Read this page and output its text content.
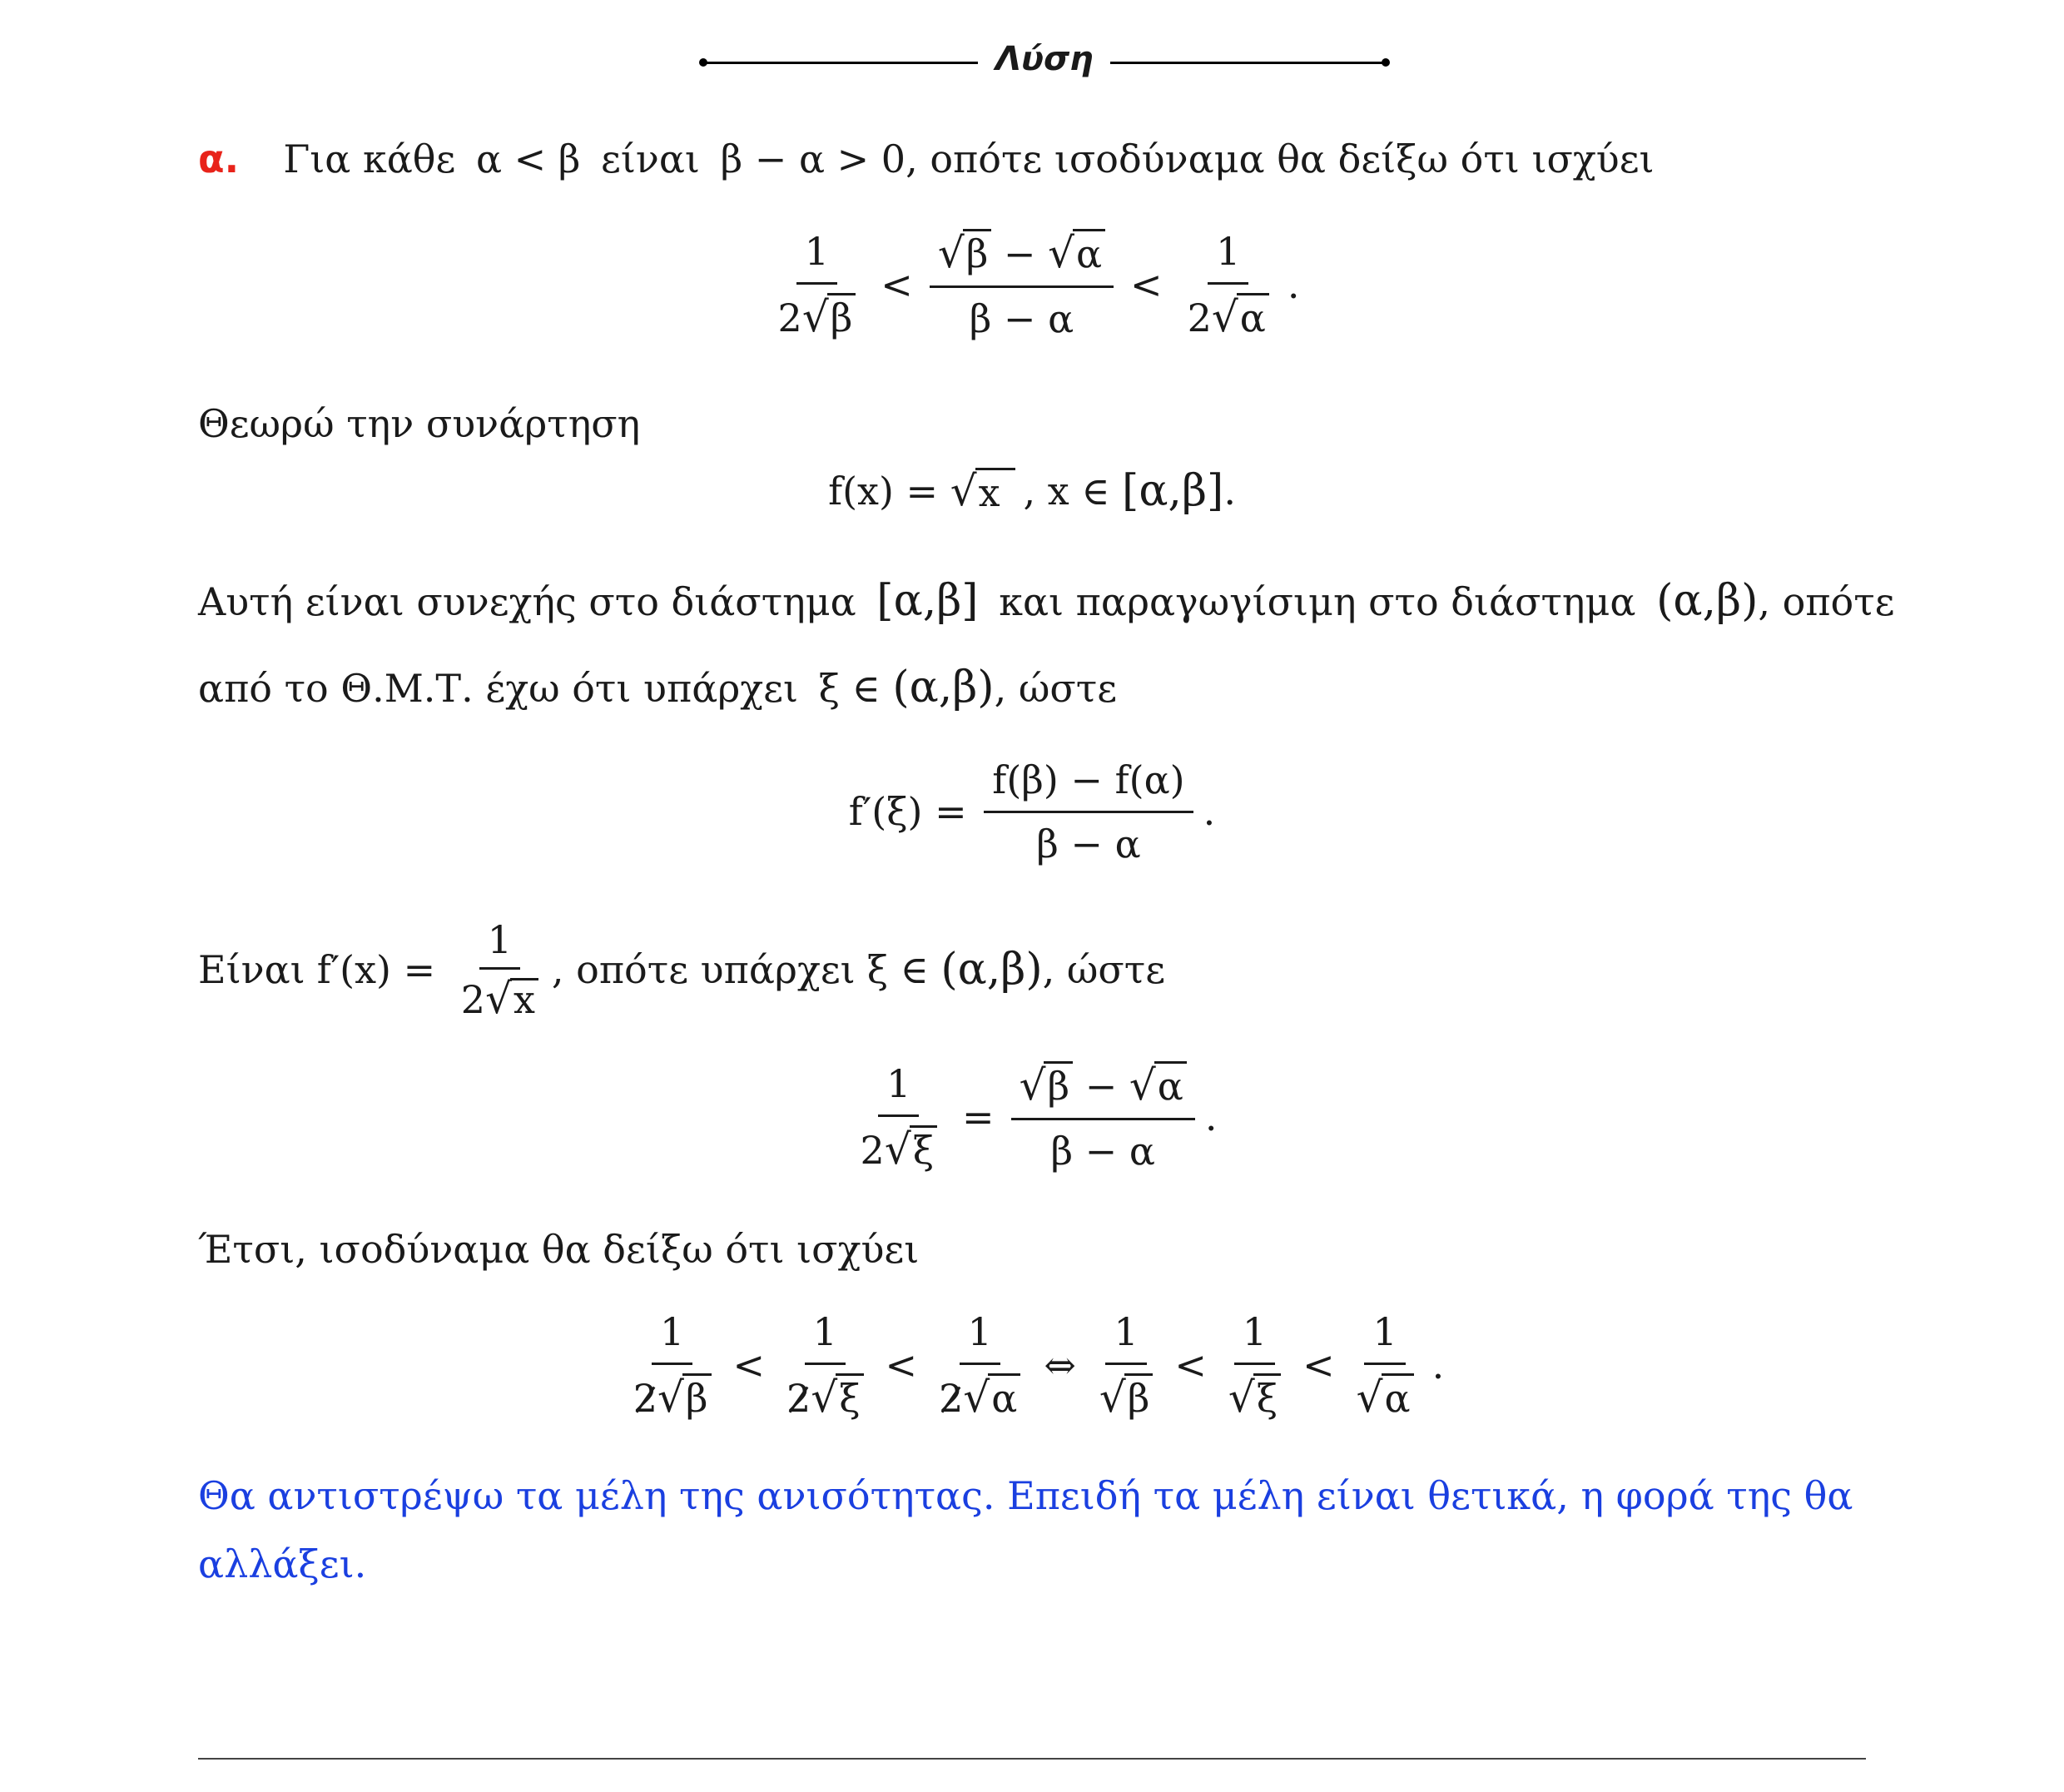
Λύση
α. Για κάθε α < β είναι β − α > 0, οπότε ισοδύναμα θα δείξω ότι ισχύει
$\frac{1}{2√\beta} < \frac{√\beta - √\alpha}{\beta - \alpha} < \frac{1}{2√\alpha}$ .
Θεωρώ την συνάρτηση
f(x) = √ x , x ∈ [α,β] .
Αυτή είναι συνεχής στο διάστημα [α,β] και παραγωγίσιμη στο διάστημα (α,β), οπότε
από το Θ.Μ.Τ. έχω ότι υπάρχει ξ ∈ (α,β), ώστε
$f'(\xi) = \frac{f(\beta) - f(\alpha)}{\beta - \alpha}$ .
Είναι $f'(x) = \frac{1}{2√x}$ , οπότε υπάρχει ξ ∈ (α,β) , ώστε
$\frac{1}{2√\xi} = \frac{√\beta - √\alpha}{\beta - \alpha}$ .
Έτσι, ισοδύναμα θα δείξω ότι ισχύει
$\frac{1}{2√\beta} < \frac{1}{2√\xi} < \frac{1}{2√\alpha}$ ⇔ $\frac{1}{√\beta} < \frac{1}{√\xi} < \frac{1}{√\alpha}$ .
Θα αντιστρέψω τα μέλη της ανισότητας. Επειδή τα μέλη είναι θετικά, η φορά της θα
αλλάξει.
